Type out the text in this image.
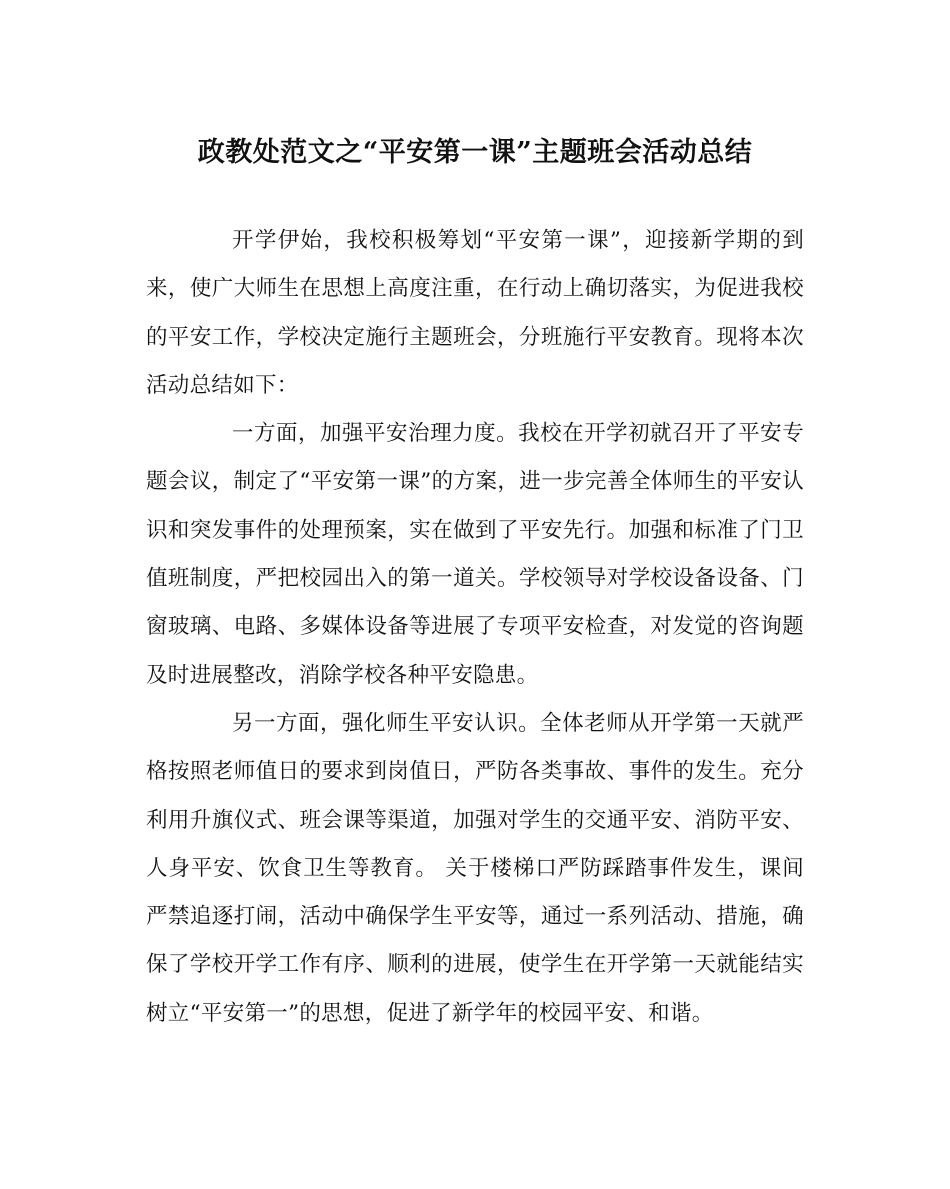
政教处范文之“平安第一课”主题班会活动总结

开学伊始，我校积极筹划“平安第一课”，迎接新学期的到来，使广大师生在思想上高度注重，在行动上确切落实，为促进我校的平安工作，学校决定施行主题班会，分班施行平安教育。现将本次活动总结如下：

一方面，加强平安治理力度。我校在开学初就召开了平安专题会议，制定了“平安第一课”的方案，进一步完善全体师生的平安认识和突发事件的处理预案，实在做到了平安先行。加强和标准了门卫值班制度，严把校园出入的第一道关。学校领导对学校设备设备、门窗玻璃、电路、多媒体设备等进展了专项平安检查，对发觉的咨询题及时进展整改，消除学校各种平安隐患。

另一方面，强化师生平安认识。全体老师从开学第一天就严格按照老师值日的要求到岗值日，严防各类事故、事件的发生。充分利用升旗仪式、班会课等渠道，加强对学生的交通平安、消防平安、人身平安、饮食卫生等教育。 关于楼梯口严防踩踏事件发生，课间严禁追逐打闹，活动中确保学生平安等，通过一系列活动、措施，确保了学校开学工作有序、顺利的进展，使学生在开学第一天就能结实树立“平安第一”的思想，促进了新学年的校园平安、和谐。
